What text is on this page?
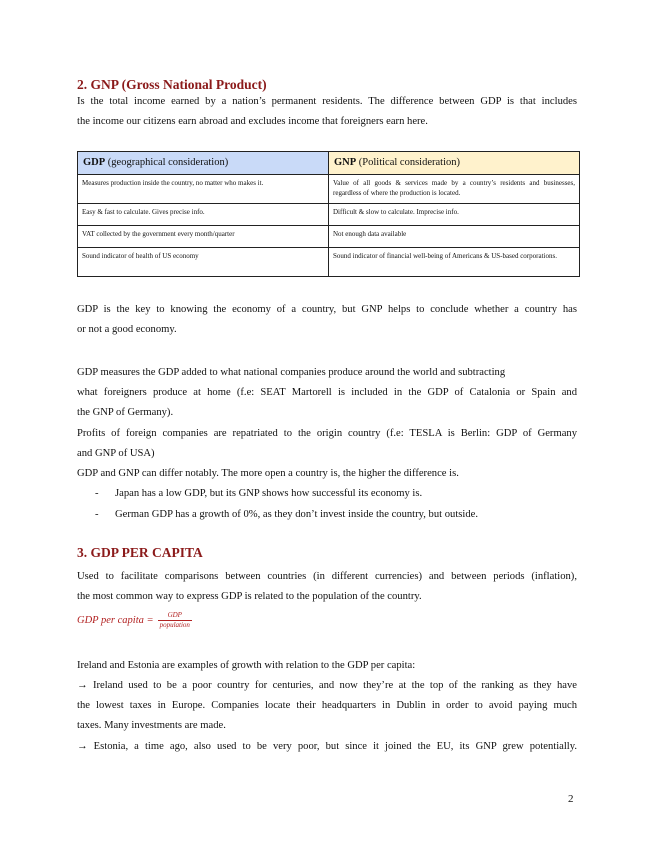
2. GNP (Gross National Product)

Is the total income earned by a nation’s permanent residents. The difference between GDP is that includes

the income our citizens earn abroad and excludes income that foreigners earn here.

GDP (geographical consideration)	GNP (Political consideration)
Measures production inside the country, no matter who makes it.	Value of all goods & services made by a country’s residents and businesses, regardless of where the production is located.
Easy & fast to calculate. Gives precise info.	Difficult & slow to calculate. Imprecise info.
VAT collected by the government every month/quarter	Not enough data available
Sound indicator of health of US economy	Sound indicator of financial well-being of Americans & US-based corporations.

GDP is the key to knowing the economy of a country, but GNP helps to conclude whether a country has

or not a good economy.

GDP measures the GDP added to what national companies produce around the world and subtracting

what foreigners produce at home (f.e: SEAT Martorell is included in the GDP of Catalonia or Spain and

the GNP of Germany).

Profits of foreign companies are repatriated to the origin country (f.e: TESLA is Berlin: GDP of Germany

and GNP of USA)

GDP and GNP can differ notably. The more open a country is, the higher the difference is.

- Japan has a low GDP, but its GNP shows how successful its economy is.
- German GDP has a growth of 0%, as they don’t invest inside the country, but outside.
3. GDP PER CAPITA

Used to facilitate comparisons between countries (in different currencies) and between periods (inflation),

the most common way to express GDP is related to the population of the country.

GDP per capita = $\frac{\text{GDP}}{\text{population}}$

Ireland and Estonia are examples of growth with relation to the GDP per capita:

→ Ireland used to be a poor country for centuries, and now they’re at the top of the ranking as they have

the lowest taxes in Europe. Companies locate their headquarters in Dublin in order to avoid paying much

taxes. Many investments are made.

→ Estonia, a time ago, also used to be very poor, but since it joined the EU, its GNP grew potentially.

2
